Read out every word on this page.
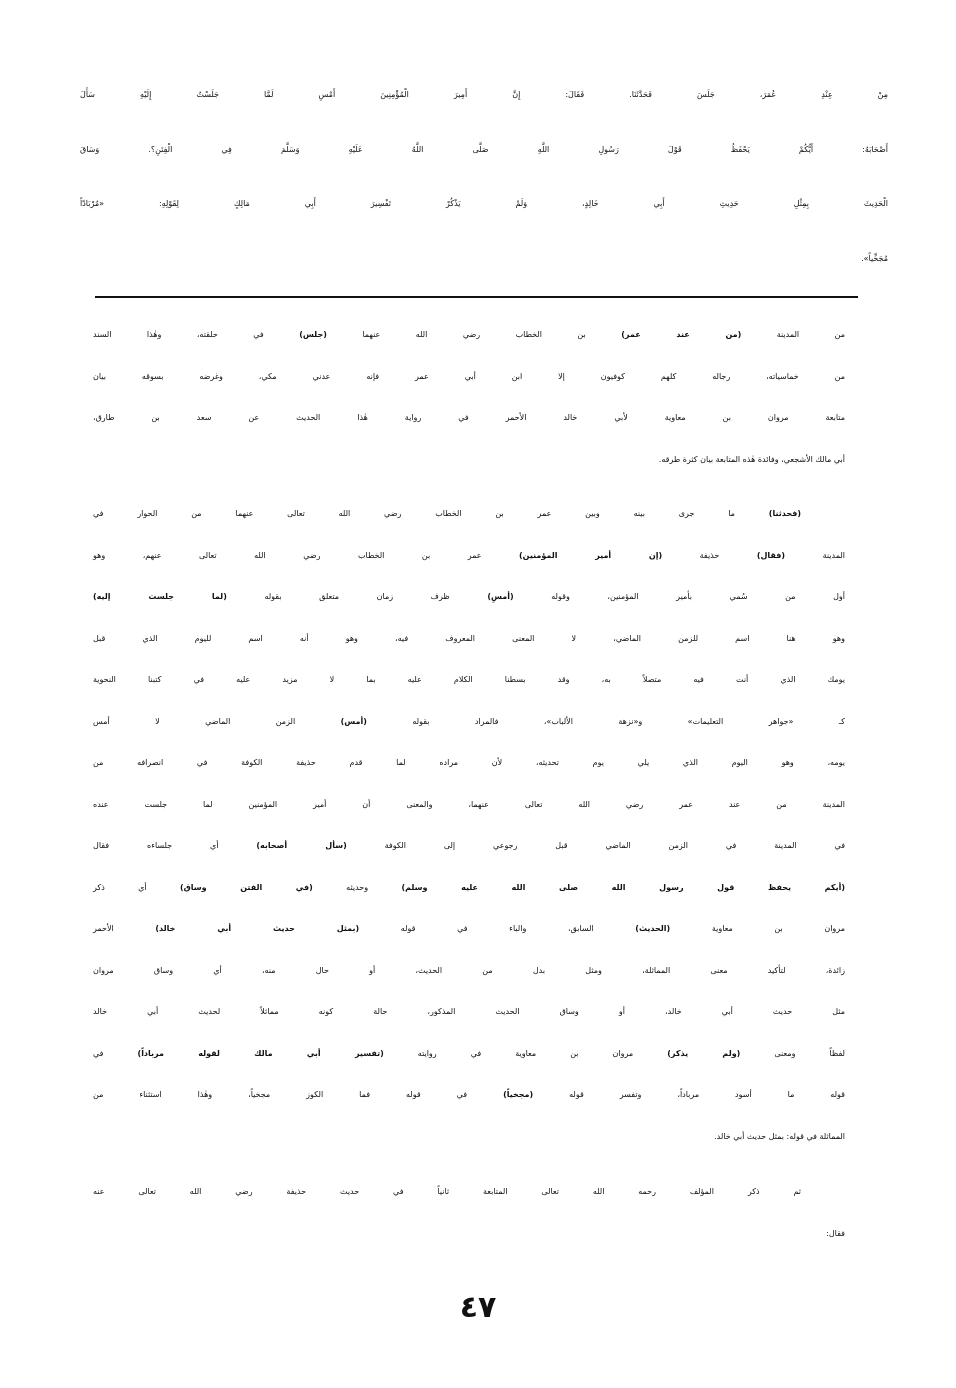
مِنْ عِنْدِ عُمَرَ، جَلَسَ فَحَدَّثَنَا. فَقَالَ: إِنَّ أَمِيرَ الْمُؤْمِنِينَ أَمْسِ لَمَّا جَلَسْتُ إِلَيْهِ سَأَلَ
أَصْحَابَهُ: أَيُّكُمْ يَحْفَظُ قَوْلَ رَسُولِ اللَّهِ صَلَّى اللَّهُ عَلَيْهِ وَسَلَّمَ فِي الْفِتَنِ؟. وَسَاقَ
الْحَدِيثَ بِمِثْلِ حَدِيثِ أَبِي خَالِدٍ، وَلَمْ يَذْكُرْ تَفْسِيرَ أَبِي مَالِكٍ لِقَوْلِهِ: «مُرْبَادّاً
مُجَخِّياً».
من المدينة (من عند عمر) بن الخطاب رضي الله عنهما (جلس) في حلقته، وهٰذا السند
من خماسياته، رجاله كلهم كوفيون إلا ابن أبي عمر فإنه عدني مكي، وغرضه بسوقه بيان
متابعة مروان بن معاوية لأبي خالد الأحمر في رواية هٰذا الحديث عن سعد بن طارق،
أبي مالك الأشجعي، وفائدة هٰذه المتابعة بيان كثرة طرقه.
(فحدثنا) ما جرى بينه وبين عمر بن الخطاب رضي الله تعالى عنهما من الحوار في
المدينة (فقال) حذيفة (إن أمير المؤمنين) عمر بن الخطاب رضي الله تعالى عنهم، وهو
أول من سُمي بأمير المؤمنين، وقوله (أمسِ) ظرف زمان متعلق بقوله (لما جلست إليه)
وهو هنا اسم للزمن الماضي، لا المعنى المعروف فيه، وهو أنه اسم لليوم الذي قبل
يومك الذي أنت فيه متصلاً به، وقد بسطنا الكلام عليه بما لا مزيد عليه في كتبنا النحوية
كـ «جواهر التعليمات» و«نزهة الألباب»، فالمراد بقوله (أمس) الزمن الماضي لا أمس
يومه، وهو اليوم الذي يلي يوم تحديثه، لأن مراده لما قدم حذيفة الكوفة في انصرافه من
المدينة من عند عمر رضي الله تعالى عنهما، والمعنى أن أمير المؤمنين لما جلست عنده
في المدينة في الزمن الماضي قبل رجوعي إلى الكوفة (سأل أصحابه) أي جلساءه فقال
(أيكم يحفظ قول رسول الله صلى الله عليه وسلم) وحديثه (في الفتن وساق) أي ذكر
مروان بن معاوية (الحديث) السابق، والباء في قوله (بمثل حديث أبي خالد) الأحمر
زائدة، لتأكيد معنى المماثلة، ومثل بدل من الحديث، أو حال منه، أي وساق مروان
مثل حديث أبي خالد، أو وساق الحديث المذكور، حالة كونه مماثلاً لحديث أبي خالد
لفظاً ومعنى (ولم يذكر) مروان بن معاوية في روايته (تفسير أبي مالك لقوله مرباداً) في
قوله ما أسود مرباداً، وتفسر قوله (مجخياً) في قوله فما الكوز مجخياً، وهٰذا استثناء من
المماثلة في قوله: بمثل حديث أبي خالد.
ثم ذكر المؤلف رحمه الله تعالى المتابعة ثانياً في حديث حذيفة رضي الله تعالى عنه
فقال:
٤٧
